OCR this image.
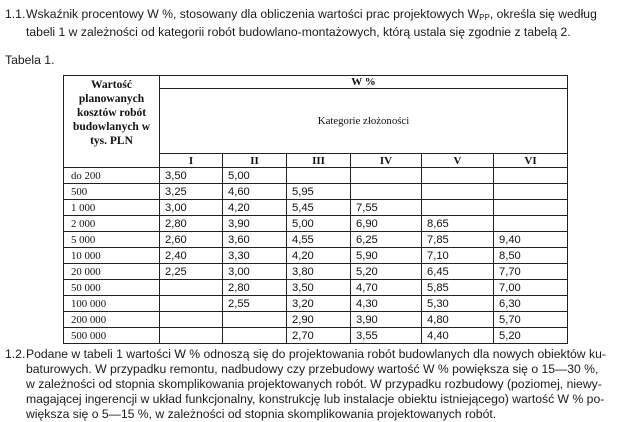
1.1. Wskaźnik procentowy W %, stosowany dla obliczenia wartości prac projektowych $W_{PP}$, określa się według
tabeli 1 w zależności od kategorii robót budowlano-montażowych, którą ustala się zgodnie z tabelą 2.
Tabela 1.
Wartość
planowanych
kosztów robót
budowlanych w
tys. PLN	W %					
	Kategorie złożoności					
	I	II	III	IV	V	VI
do 200	3,50	5,00				
500	3,25	4,60	5,95			
1 000	3,00	4,20	5,45	7,55		
2 000	2,80	3,90	5,00	6,90	8,65	
5 000	2,60	3,60	4,55	6,25	7,85	9,40
10 000	2,40	3,30	4,20	5,90	7,10	8,50
20 000	2,25	3,00	3,80	5,20	6,45	7,70
50 000		2,80	3,50	4,70	5,85	7,00
100 000		2,55	3,20	4,30	5,30	6,30
200 000			2,90	3,90	4,80	5,70
500 000			2,70	3,55	4,40	5,20
1.2. Podane w tabeli 1 wartości W % odnoszą się do projektowania robót budowlanych dla nowych obiektów ku-
baturowych. W przypadku remontu, nadbudowy czy przebudowy wartość W % powiększa się o 15—30 %,
w zależności od stopnia skomplikowania projektowanych robót. W przypadku rozbudowy (poziomej, niewy-
magającej ingerencji w układ funkcjonalny, konstrukcję lub instalacje obiektu istniejącego) wartość W % po-
większa się o 5—15 %, w zależności od stopnia skomplikowania projektowanych robót.
